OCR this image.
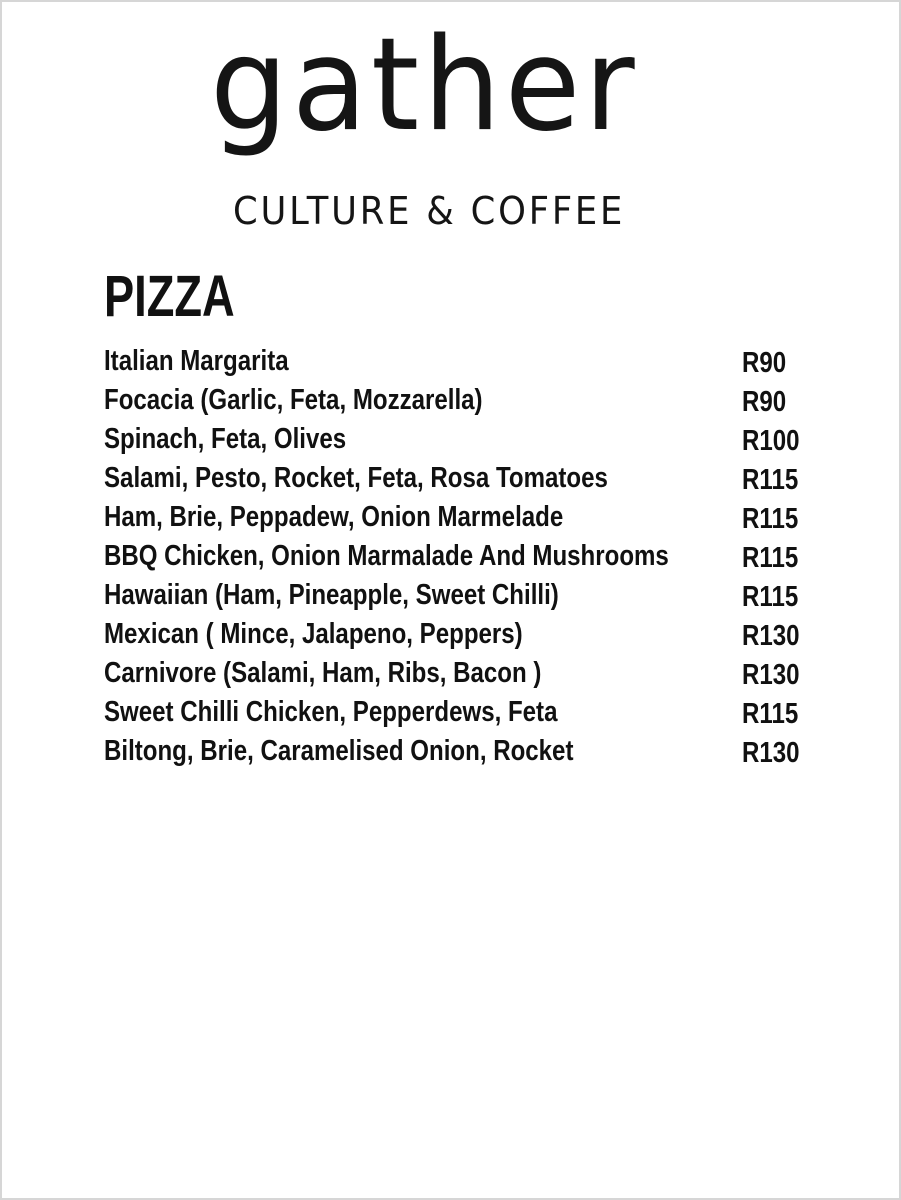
gather
CULTURE & COFFEE
PIZZA
Italian Margarita	R90
Focacia (Garlic, Feta, Mozzarella)	R90
Spinach, Feta, Olives	R100
Salami, Pesto, Rocket, Feta, Rosa Tomatoes	R115
Ham, Brie, Peppadew, Onion Marmelade	R115
BBQ Chicken, Onion Marmalade And Mushrooms	R115
Hawaiian (Ham, Pineapple, Sweet Chilli)	R115
Mexican ( Mince, Jalapeno, Peppers)	R130
Carnivore (Salami, Ham, Ribs, Bacon )	R130
Sweet Chilli Chicken, Pepperdews, Feta	R115
Biltong, Brie, Caramelised Onion, Rocket	R130
